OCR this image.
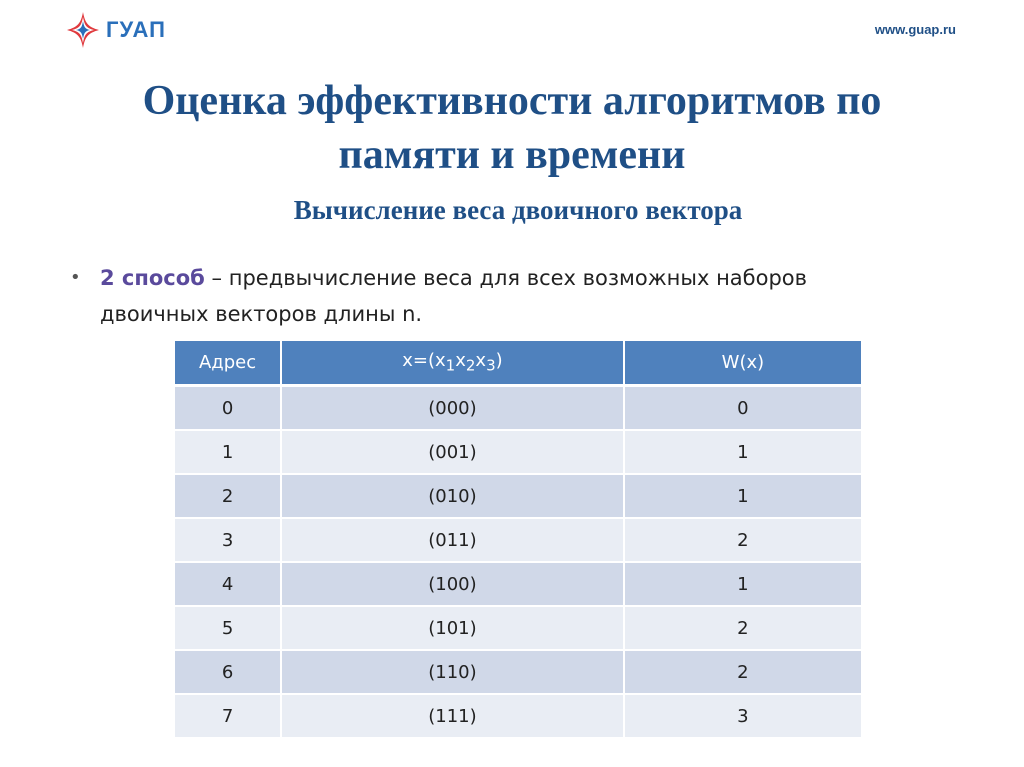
ГУАП	www.guap.ru
Оценка эффективности алгоритмов по
памяти и времени
Вычисление веса двоичного вектора
• 2 способ – предвычисление веса для всех возможных наборов двоичных векторов длины n.
Адрес	$x=(x_1x_2x_3)$	W(x)
0	(000)	0
1	(001)	1
2	(010)	1
3	(011)	2
4	(100)	1
5	(101)	2
6	(110)	2
7	(111)	3
